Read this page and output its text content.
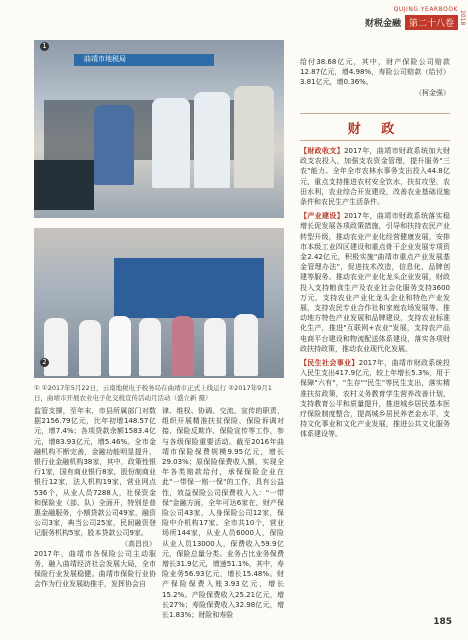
QUJING YEARBOOK
财税金融 第二十八卷 2018
曲靖市地税局
1
2
① ①2017年5月22日，云南地税电子税务局在曲靖市正式上线运行 ②2017年9月1日，曲靖市开展农业电子化交税宣传活动月活动（盛立新 摄）

监管支撑，至年末，市县所属部门对数据2156.79亿元，比年初增148.57亿元，增7.4%；各项贷款余额1583.4亿元，增83.93亿元，增5.46%。全市金融机构不断完善，金融功能明显提升，银行业金融机构38家，其中，政策性银行1家，国有商业银行8家，股份制商业银行12家，法人机构19家，营业网点536个，从业人员7288人，社保资金和保险业（部、队）全面开，特别是普惠金融服务，小额贷款公司49家，融资公司3家，典当公司25家，民间融资登记服务机构5家，股本贷款公司9家。

（高昌良）

2017年，曲靖市各保险公司主动服务，融入曲靖经济社会发展大局，全市保险行业发展稳健。曲靖市保险行业协会作为行业发展助推手，发挥协会自

律、维权、协调、交流、宣传的职责，组织开展精准扶贫保险、保险诉调对接、保险反欺诈、保险宣传等工作，参与各级保险重要活动。截至2016年曲靖市保险保费规模9.95亿元，增长29.03%；原保险保费收入额，实现全年各类赔款给付，承保保险企业在此"一带保一赔一保"的工作，具有公益性，效益保险公司保费收入入："一带保"金融方面，全年可达6家在，财产保险公司43家，人身保险公司12家，保险中介机构17家。全市共10个，营业场所144家，从业人员6000人，保险从业人员13000人，保费收入59.9亿元，保险总量分类。业务占比业务保费增长31.9亿元，增速51.1%，其中，寿险业务56.93亿元，增长15.48%。财产保险保费入账3.93亿元，增长15.2%。产险保费收入25.21亿元，增长27%；寿险保费收入32.98亿元，增长1.83%；财险和寿险

给付38.68亿元，其中，财产保险公司赔款12.87亿元，增4.98%，寿险公司赔款（给付）3.81亿元，增0.36%。

（柯金强）

财 政

【财政收支】2017年，曲靖市财政系统加大财政支农投入，加强支农资金管理，提升服务"三农"能力。全年全市农林水事务支出投入44.8亿元，重点支持推进农村安全饮水，扶贫攻坚，农田水利，农业综合开发建设，改善农业基础设施条件和农民生产生活条件。

【产业建设】2017年，曲靖市财政系统落实稳增长促发展各项政策措施，引导和扶持农民产业转型升级，推动农业产业化经营健康发展，安排市本级工业四区建设和重点骨干企业发展专项资金2.42亿元，积极实施"曲靖市重点产业发展基金管理办法"，促进技术改造，信息化、品牌创建等服务。推动农业产业化龙头企业发展，财政投入支持粮食生产及农业社会化服务支持3600万元，支持农业产业化龙头企业和特色产业发展，支持农民专业合作社和家庭农场发展等。推动地方特色产业发展和品牌建设，支持农业标准化生产，推进"互联网+农业"发展，支持农产品电商平台建设和物流配送体系建设，落实各项财政扶持政策，推动农业现代化发展。

【民生社会事业】2017年，曲靖市财政系统投入民生支出417.9亿元，较上年增长5.3%，用于保障"六有"，"生存""民生"等民生支出，落实精准扶贫政策，农村义务教育学生营养改善计划，支持教育公平和质量提升，推进城乡居民基本医疗保险制度整合，提高城乡居民养老金水平，支持文化事业和文化产业发展，推进公共文化服务体系建设等。

185
